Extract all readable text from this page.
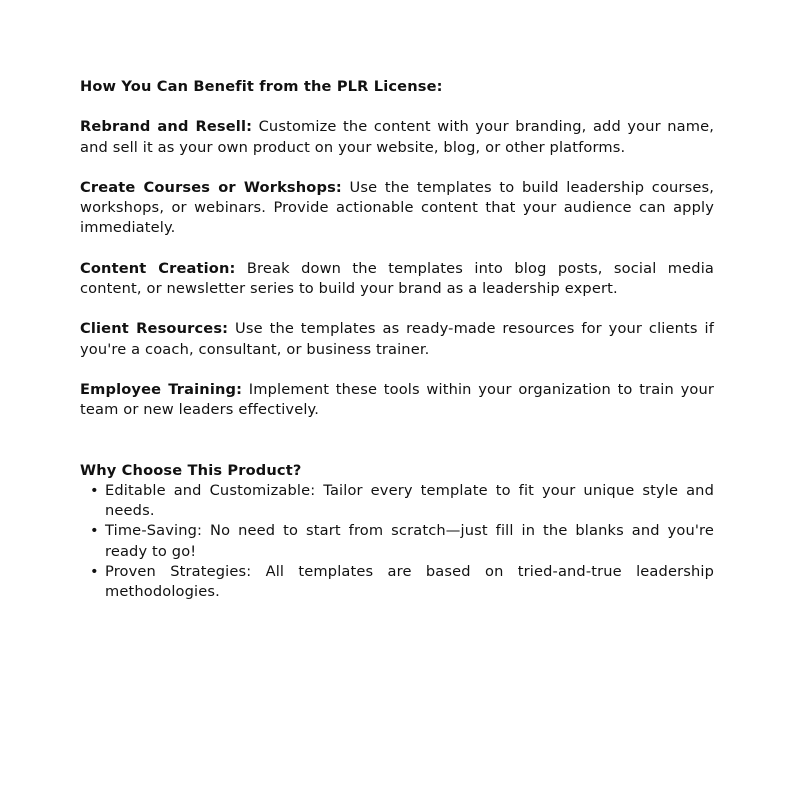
How You Can Benefit from the PLR License:

Rebrand and Resell: Customize the content with your branding, add your name, and sell it as your own product on your website, blog, or other platforms.

Create Courses or Workshops: Use the templates to build leadership courses, workshops, or webinars. Provide actionable content that your audience can apply immediately.

Content Creation: Break down the templates into blog posts, social media content, or newsletter series to build your brand as a leadership expert.

Client Resources: Use the templates as ready-made resources for your clients if you're a coach, consultant, or business trainer.

Employee Training: Implement these tools within your organization to train your team or new leaders effectively.

Why Choose This Product?

• Editable and Customizable: Tailor every template to fit your unique style and needs.
• Time-Saving: No need to start from scratch—just fill in the blanks and you're ready to go!
• Proven Strategies: All templates are based on tried-and-true leadership methodologies.
